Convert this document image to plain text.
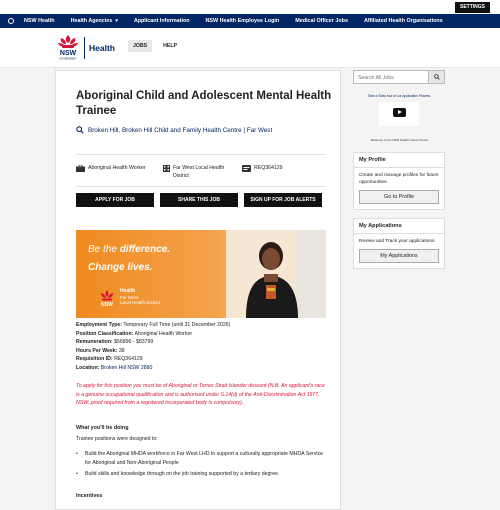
SETTINGS
NSW Health	Health Agencies ▾	Applicant Information	NSW Health Employee Login	Medical Officer Jobs	Affiliated Health Organisations
NSW
GOVERNMENT
Health	JOBS	HELP
Aboriginal Child and Adolescent Mental Health Trainee
Broken Hill, Broken Hill Child and Family Health Centre | Far West
Aboriginal Health Worker	Far West Local Health District
REQ364129
APPLY FOR JOB	SHARE THIS JOB	SIGN UP FOR JOB ALERTS
Be the difference.
Change lives.
NSW
Health
Far West
Local Health District
Employment Type: Temporary Full Time (until 31 December 2026)
Position Classification: Aboriginal Health Worker
Remuneration: $56896 - $83799
Hours Per Week: 38
Requisition ID: REQ364129
Location: Broken Hill NSW 2880
To apply for this position you must be of Aboriginal or Torres Strait Islander descent (N.B. An applicant's race is a genuine occupational qualification and is authorised under S.14(d) of the Anti-Discrimination Act 1977, NSW, proof required from a registered Incorporated body is compulsory).
What you'll be doing
Trainee positions were designed to:
•	Build the Aboriginal MHDA workforce in Far West LHD to support a culturally appropriate MHDA Service for Aboriginal and Non-Aboriginal People
•	Build skills and knowledge through on the job training supported by a tertiary degree.
Incentives
Search All Jobs
Take a Video tour of our Application Process
Welcome to the NSW Health Career Portal
My Profile
Create and manage profiles for future opportunities.
Go to Profile
My Applications
Review and Track your applications.
My Applications
